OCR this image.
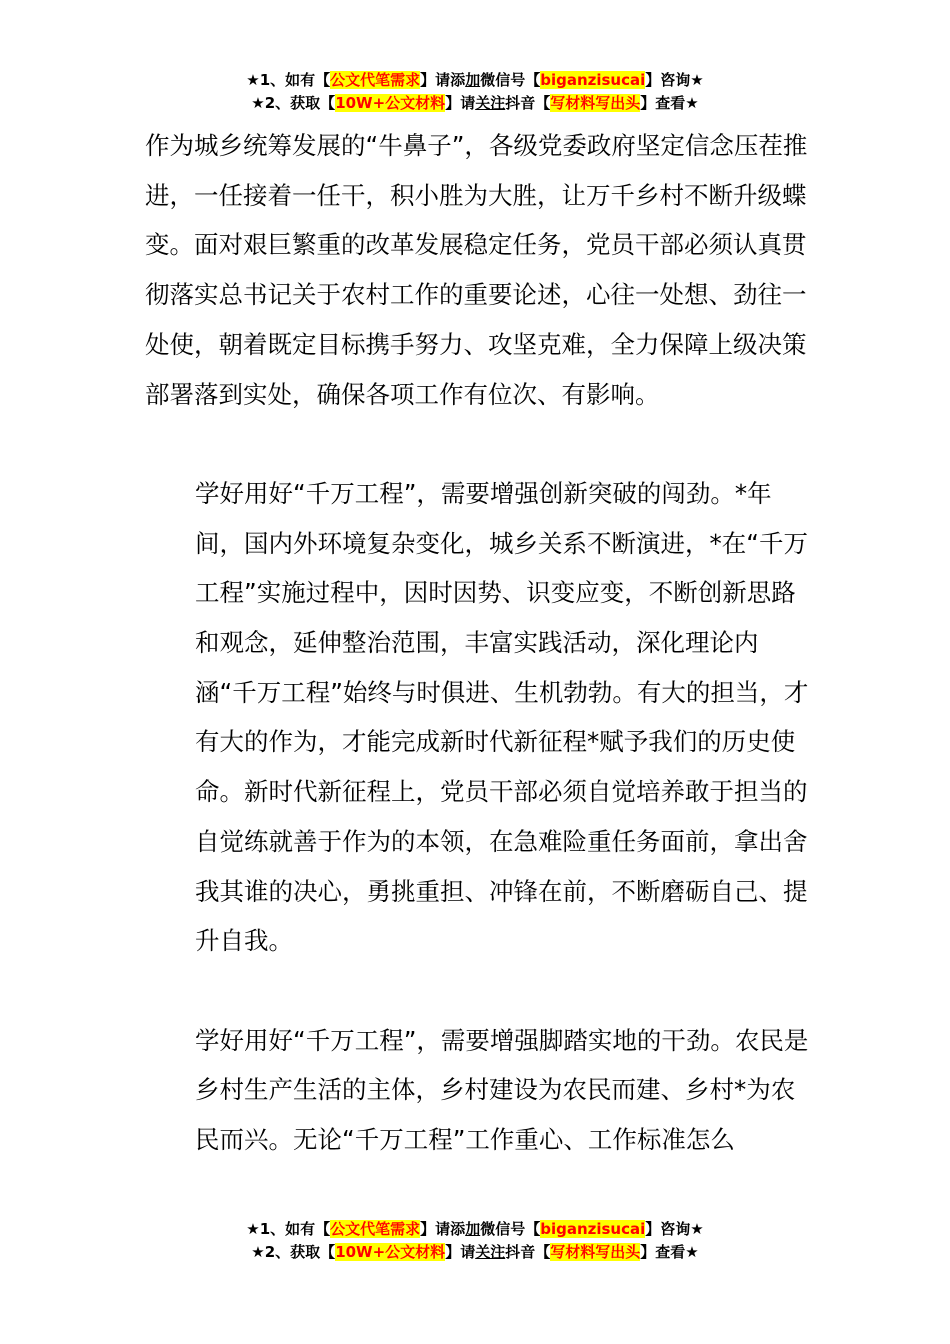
★1、如有【公文代笔需求】请添加微信号【biganzisucai】咨询★
★2、获取【10W+公文材料】请关注抖音【写材料写出头】查看★

作为城乡统筹发展的“牛鼻子”，各级党委政府坚定信念压茬推进，一任接着一任干，积小胜为大胜，让万千乡村不断升级蝶变。面对艰巨繁重的改革发展稳定任务，党员干部必须认真贯彻落实总书记关于农村工作的重要论述，心往一处想、劲往一处使，朝着既定目标携手努力、攻坚克难，全力保障上级决策部署落到实处，确保各项工作有位次、有影响。

学好用好“千万工程”，需要增强创新突破的闯劲。*年间，国内外环境复杂变化，城乡关系不断演进，*在“千万工程”实施过程中，因时因势、识变应变，不断创新思路和观念，延伸整治范围，丰富实践活动，深化理论内涵“千万工程”始终与时俱进、生机勃勃。有大的担当，才有大的作为，才能完成新时代新征程*赋予我们的历史使命。新时代新征程上，党员干部必须自觉培养敢于担当的自觉练就善于作为的本领，在急难险重任务面前，拿出舍我其谁的决心，勇挑重担、冲锋在前，不断磨砺自己、提升自我。

学好用好“千万工程”，需要增强脚踏实地的干劲。农民是乡村生产生活的主体，乡村建设为农民而建、乡村*为农民而兴。无论“千万工程”工作重心、工作标准怎么

★1、如有【公文代笔需求】请添加微信号【biganzisucai】咨询★
★2、获取【10W+公文材料】请关注抖音【写材料写出头】查看★
